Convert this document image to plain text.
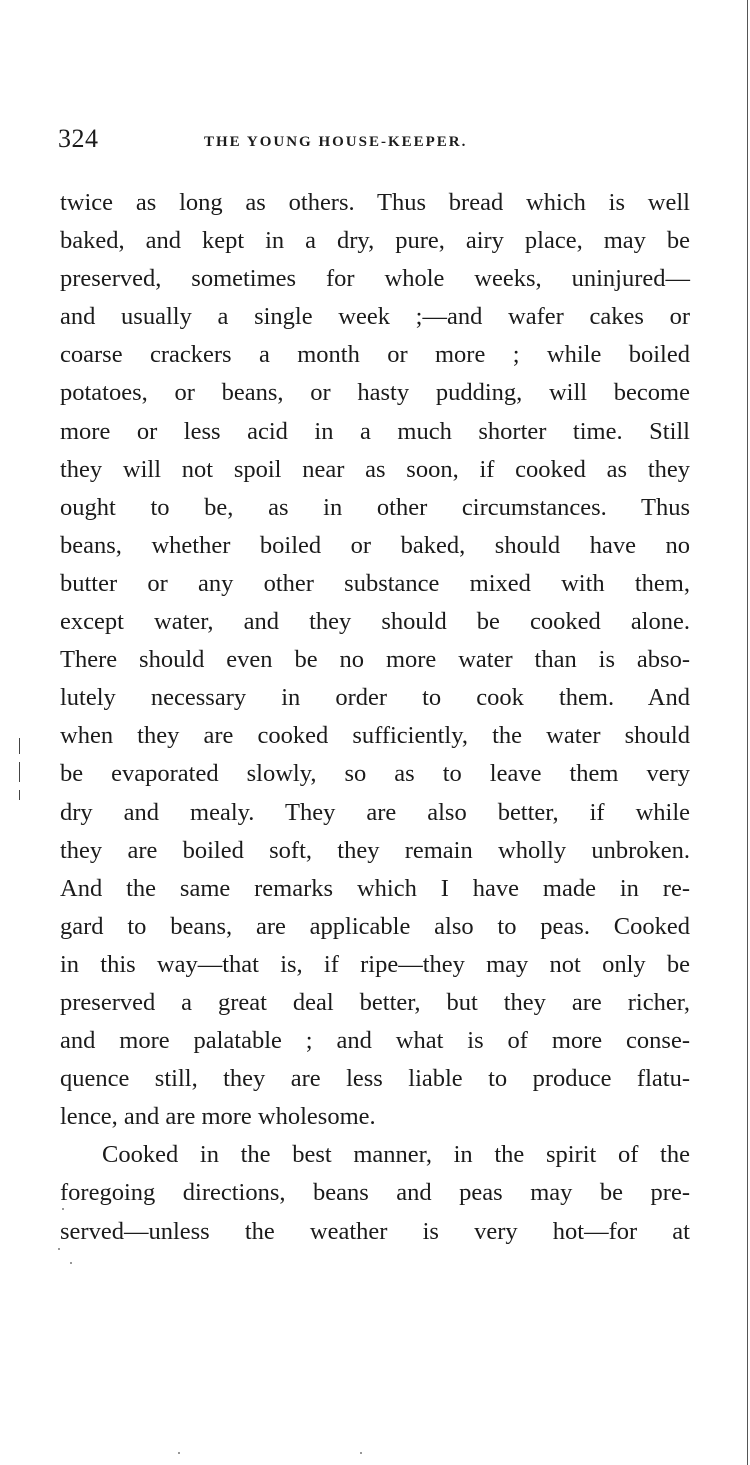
324	THE YOUNG HOUSE-KEEPER.
twice as long as others. Thus bread which is well
baked, and kept in a dry, pure, airy place, may be
preserved, sometimes for whole weeks, uninjured—
and usually a single week ;—and wafer cakes or
coarse crackers a month or more ; while boiled
potatoes, or beans, or hasty pudding, will become
more or less acid in a much shorter time. Still
they will not spoil near as soon, if cooked as they
ought to be, as in other circumstances. Thus
beans, whether boiled or baked, should have no
butter or any other substance mixed with them,
except water, and they should be cooked alone.
There should even be no more water than is abso-
lutely necessary in order to cook them. And
when they are cooked sufficiently, the water should
be evaporated slowly, so as to leave them very
dry and mealy. They are also better, if while
they are boiled soft, they remain wholly unbroken.
And the same remarks which I have made in re-
gard to beans, are applicable also to peas. Cooked
in this way—that is, if ripe—they may not only be
preserved a great deal better, but they are richer,
and more palatable ; and what is of more conse-
quence still, they are less liable to produce flatu-
lence, and are more wholesome.
Cooked in the best manner, in the spirit of the
foregoing directions, beans and peas may be pre-
served—unless the weather is very hot—for at
